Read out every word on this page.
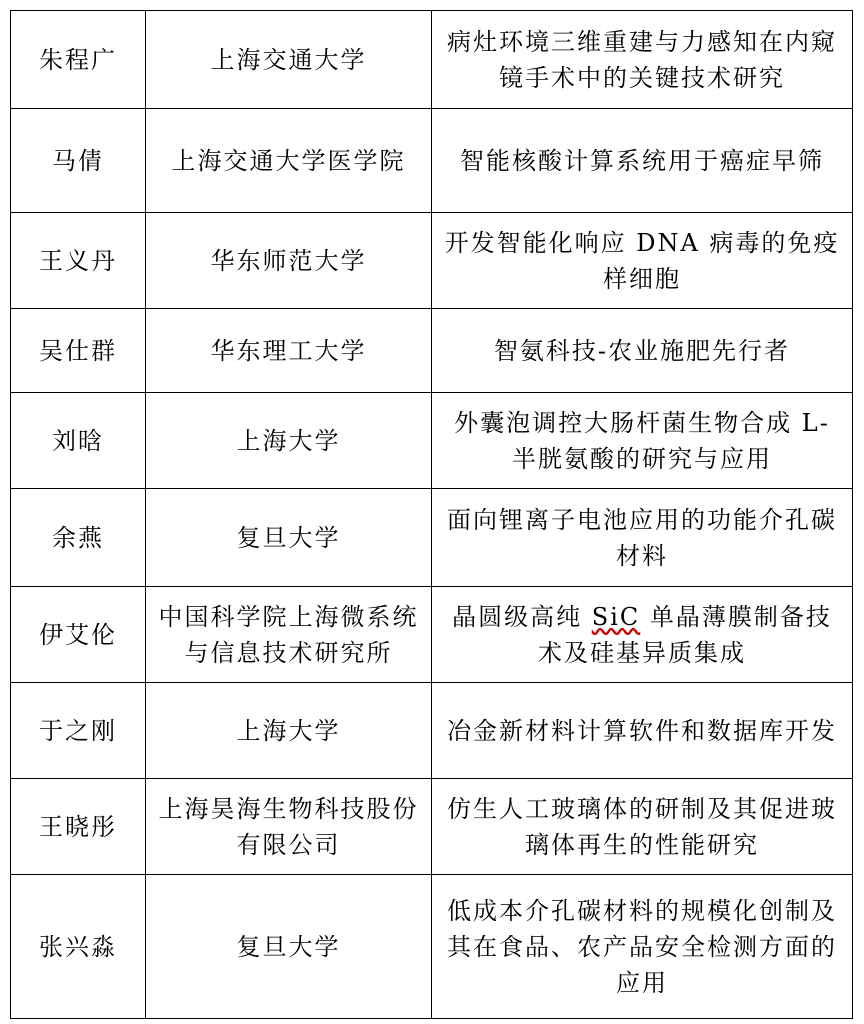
朱程广	上海交通大学	病灶环境三维重建与力感知在内窥镜手术中的关键技术研究
马倩	上海交通大学医学院	智能核酸计算系统用于癌症早筛
王义丹	华东师范大学	开发智能化响应 DNA 病毒的免疫样细胞
吴仕群	华东理工大学	智氨科技-农业施肥先行者
刘晗	上海大学	外囊泡调控大肠杆菌生物合成 L-半胱氨酸的研究与应用
余燕	复旦大学	面向锂离子电池应用的功能介孔碳材料
伊艾伦	中国科学院上海微系统与信息技术研究所	晶圆级高纯 SiC 单晶薄膜制备技术及硅基异质集成
于之刚	上海大学	冶金新材料计算软件和数据库开发
王晓彤	上海昊海生物科技股份有限公司	仿生人工玻璃体的研制及其促进玻璃体再生的性能研究
张兴淼	复旦大学	低成本介孔碳材料的规模化创制及其在食品、农产品安全检测方面的应用
